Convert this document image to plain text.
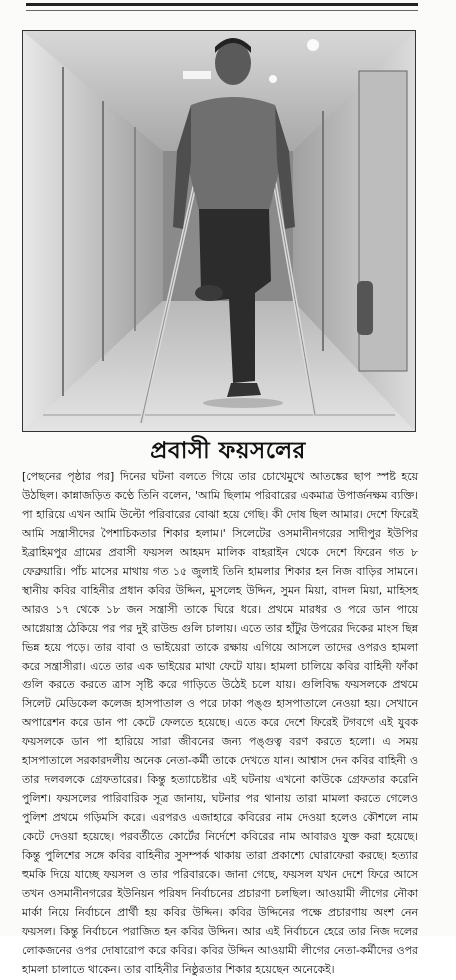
প্রবাসী ফয়সলের

[পেছনের পৃষ্ঠার পর] দিনের ঘটনা বলতে গিয়ে তার চোখেমুখে আতঙ্কের ছাপ স্পষ্ট হয়ে উঠছিল। কান্নাজড়িত কণ্ঠে তিনি বলেন, 'আমি ছিলাম পরিবারের একমাত্র উপার্জনক্ষম ব্যক্তি। পা হারিয়ে এখন আমি উল্টো পরিবারের বোঝা হয়ে গেছি। কী দোষ ছিল আমার। দেশে ফিরেই আমি সন্ত্রাসীদের পৈশাচিকতার শিকার হলাম।' সিলেটের ওসমানীনগরের সাদীপুর ইউপির ইব্রাহিমপুর গ্রামের প্রবাসী ফয়সল আহমদ মালিক বাহরাইন থেকে দেশে ফিরেন গত ৮ ফেব্রুয়ারি। পাঁচ মাসের মাথায় গত ১৫ জুলাই তিনি হামলার শিকার হন নিজ বাড়ির সামনে। স্থানীয় কবির বাহিনীর প্রধান কবির উদ্দিন, মুসলেহ উদ্দিন, সুমন মিয়া, বাদল মিয়া, মাহিসহ আরও ১৭ থেকে ১৮ জন সন্ত্রাসী তাকে ঘিরে ধরে। প্রথমে মারধর ও পরে ডান পায়ে আগ্নেয়াস্ত্র ঠেকিয়ে পর পর দুই রাউন্ড গুলি চালায়। এতে তার হাঁটুর উপরের দিকের মাংস ছিন্ন ভিন্ন হয়ে পড়ে। তার বাবা ও ভাইয়েরা তাকে রক্ষায় এগিয়ে আসলে তাদের ওপরও হামলা করে সন্ত্রাসীরা। এতে তার এক ভাইয়ের মাথা ফেটে যায়। হামলা চালিয়ে কবির বাহিনী ফাঁকা গুলি করতে করতে ত্রাস সৃষ্টি করে গাড়িতে উঠেই চলে যায়। গুলিবিদ্ধ ফয়সলকে প্রথমে সিলেট মেডিকেল কলেজ হাসপাতাল ও পরে ঢাকা পঙ্গু হাসপাতালে নেওয়া হয়। সেখানে অপারেশন করে ডান পা কেটে ফেলতে হয়েছে। এতে করে দেশে ফিরেই টগবগে এই যুবক ফয়সলকে ডান পা হারিয়ে সারা জীবনের জন্য পঙ্গুত্ব বরণ করতে হলো। এ সময় হাসপাতালে সরকারদলীয় অনেক নেতা-কর্মী তাকে দেখতে যান। আশ্বাস দেন কবির বাহিনী ও তার দলবলকে গ্রেফতারের। কিন্তু হত্যাচেষ্টার এই ঘটনায় এখনো কাউকে গ্রেফতার করেনি পুলিশ। ফয়সলের পারিবারিক সূত্র জানায়, ঘটনার পর থানায় তারা মামলা করতে গেলেও পুলিশ প্রথমে গড়িমসি করে। এরপরও এজাহারে কবিরের নাম দেওয়া হলেও কৌশলে নাম কেটে দেওয়া হয়েছে। পরবর্তীতে কোর্টের নির্দেশে কবিরের নাম আবারও যুক্ত করা হয়েছে। কিন্তু পুলিশের সঙ্গে কবির বাহিনীর সুসম্পর্ক থাকায় তারা প্রকাশ্যে ঘোরাফেরা করছে। হত্যার হুমকি দিয়ে যাচ্ছে ফয়সল ও তার পরিবারকে। জানা গেছে, ফয়সল যখন দেশে ফিরে আসে তখন ওসমানীনগরের ইউনিয়ন পরিষদ নির্বাচনের প্রচারণা চলছিল। আওয়ামী লীগের নৌকা মার্কা নিয়ে নির্বাচনে প্রার্থী হয় কবির উদ্দিন। কবির উদ্দিনের পক্ষে প্রচারণায় অংশ নেন ফয়সল। কিন্তু নির্বাচনে পরাজিত হন কবির উদ্দিন। আর এই নির্বাচনে হেরে তার নিজ দলের লোকজনের ওপর দোষারোপ করে কবির। কবির উদ্দিন আওয়ামী লীগের নেতা-কর্মীদের ওপর হামলা চালাতে থাকেন। তার বাহিনীর নিষ্ঠুরতার শিকার হয়েছেন অনেকেই।
